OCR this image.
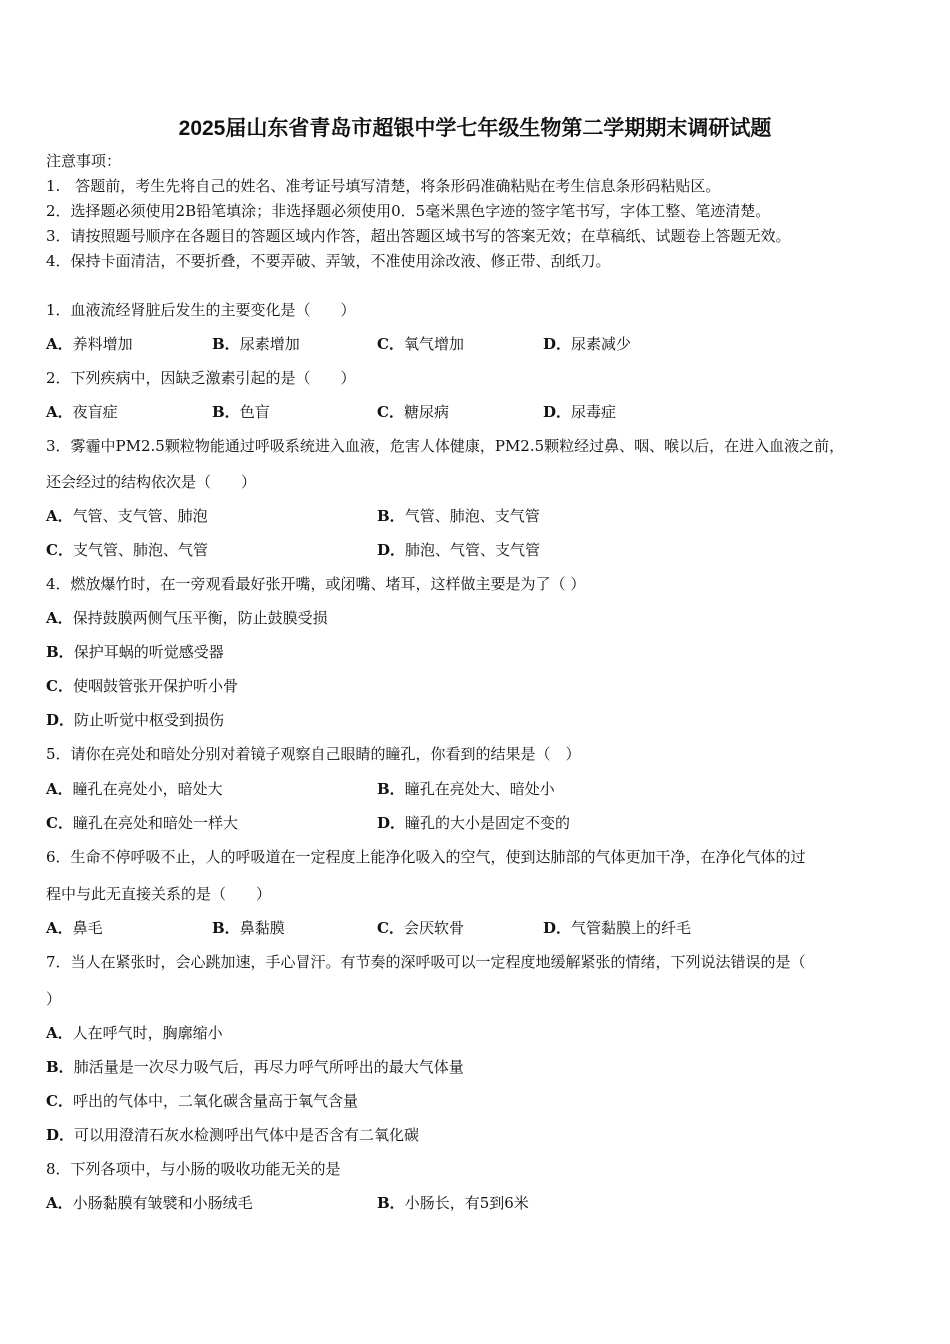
2025届山东省青岛市超银中学七年级生物第二学期期末调研试题
注意事项：
1.　答题前，考生先将自己的姓名、准考证号填写清楚，将条形码准确粘贴在考生信息条形码粘贴区。
2．选择题必须使用2B铅笔填涂；非选择题必须使用0．5毫米黑色字迹的签字笔书写，字体工整、笔迹清楚。
3．请按照题号顺序在各题目的答题区域内作答，超出答题区域书写的答案无效；在草稿纸、试题卷上答题无效。
4．保持卡面清洁，不要折叠，不要弄破、弄皱，不准使用涂改液、修正带、刮纸刀。
1．血液流经肾脏后发生的主要变化是（　　）
A．养料增加	B．尿素增加	C．氧气增加	D．尿素减少
2．下列疾病中，因缺乏激素引起的是（　　）
A．夜盲症	B．色盲	C．糖尿病	D．尿毒症
3．雾霾中PM2.5颗粒物能通过呼吸系统进入血液，危害人体健康，PM2.5颗粒经过鼻、咽、喉以后，在进入血液之前，
还会经过的结构依次是（　　）
A．气管、支气管、肺泡	B．气管、肺泡、支气管
C．支气管、肺泡、气管	D．肺泡、气管、支气管
4．燃放爆竹时，在一旁观看最好张开嘴，或闭嘴、堵耳，这样做主要是为了（ ）
A．保持鼓膜两侧气压平衡，防止鼓膜受损
B．保护耳蜗的听觉感受器
C．使咽鼓管张开保护听小骨
D．防止听觉中枢受到损伤
5．请你在亮处和暗处分别对着镜子观察自己眼睛的瞳孔，你看到的结果是（　）
A．瞳孔在亮处小，暗处大	B．瞳孔在亮处大、暗处小
C．瞳孔在亮处和暗处一样大	D．瞳孔的大小是固定不变的
6．生命不停呼吸不止，人的呼吸道在一定程度上能净化吸入的空气，使到达肺部的气体更加干净，在净化气体的过
程中与此无直接关系的是（　　）
A．鼻毛	B．鼻黏膜	C．会厌软骨	D．气管黏膜上的纤毛
7．当人在紧张时，会心跳加速，手心冒汗。有节奏的深呼吸可以一定程度地缓解紧张的情绪，下列说法错误的是（
）
A．人在呼气时，胸廓缩小
B．肺活量是一次尽力吸气后，再尽力呼气所呼出的最大气体量
C．呼出的气体中，二氧化碳含量高于氧气含量
D．可以用澄清石灰水检测呼出气体中是否含有二氧化碳
8．下列各项中，与小肠的吸收功能无关的是
A．小肠黏膜有皱襞和小肠绒毛	B．小肠长，有5到6米
